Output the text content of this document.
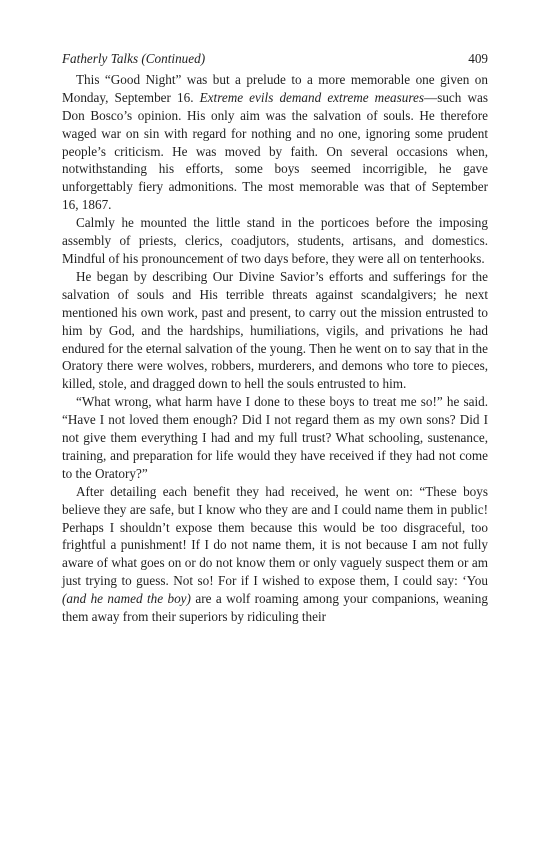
Fatherly Talks (Continued)	409

This “Good Night” was but a prelude to a more memorable one given on Monday, September 16. Extreme evils demand extreme measures—such was Don Bosco’s opinion. His only aim was the salvation of souls. He therefore waged war on sin with regard for nothing and no one, ignoring some prudent people’s criticism. He was moved by faith. On several occasions when, notwithstanding his efforts, some boys seemed incorrigible, he gave unforgettably fiery admonitions. The most memorable was that of September 16, 1867.

Calmly he mounted the little stand in the porticoes before the imposing assembly of priests, clerics, coadjutors, students, artisans, and domestics. Mindful of his pronouncement of two days before, they were all on tenterhooks.

He began by describing Our Divine Savior’s efforts and sufferings for the salvation of souls and His terrible threats against scandalgivers; he next mentioned his own work, past and present, to carry out the mission entrusted to him by God, and the hardships, humiliations, vigils, and privations he had endured for the eternal salvation of the young. Then he went on to say that in the Oratory there were wolves, robbers, murderers, and demons who tore to pieces, killed, stole, and dragged down to hell the souls entrusted to him.

“What wrong, what harm have I done to these boys to treat me so!” he said. “Have I not loved them enough? Did I not regard them as my own sons? Did I not give them everything I had and my full trust? What schooling, sustenance, training, and preparation for life would they have received if they had not come to the Oratory?”

After detailing each benefit they had received, he went on: “These boys believe they are safe, but I know who they are and I could name them in public! Perhaps I shouldn’t expose them because this would be too disgraceful, too frightful a punishment! If I do not name them, it is not because I am not fully aware of what goes on or do not know them or only vaguely suspect them or am just trying to guess. Not so! For if I wished to expose them, I could say: ‘You (and he named the boy) are a wolf roaming among your companions, weaning them away from their superiors by ridiculing their
